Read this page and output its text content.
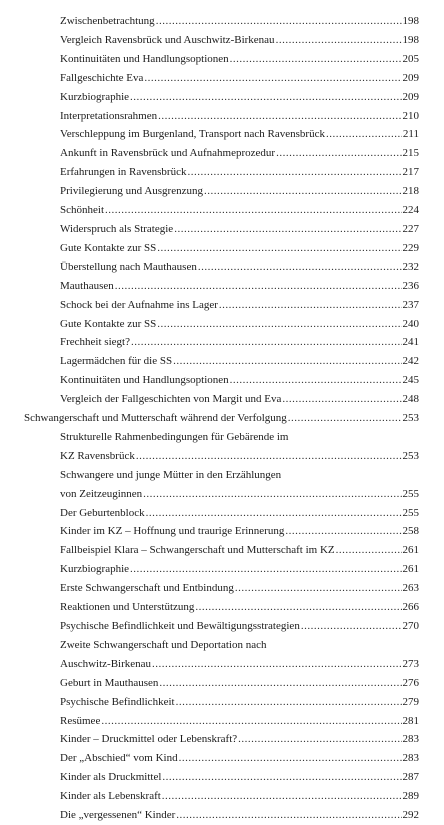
Zwischenbetrachtung .....	198
Vergleich Ravensbrück und Auschwitz-Birkenau .....	198
Kontinuitäten und Handlungsoptionen .....	205
Fallgeschichte Eva .....	209
Kurzbiographie .....	209
Interpretationsrahmen .....	210
Verschleppung im Burgenland, Transport nach Ravensbrück .....	211
Ankunft in Ravensbrück und Aufnahmeprozedur .....	215
Erfahrungen in Ravensbrück .....	217
Privilegierung und Ausgrenzung .....	218
Schönheit .....	224
Widerspruch als Strategie .....	227
Gute Kontakte zur SS .....	229
Überstellung nach Mauthausen .....	232
Mauthausen .....	236
Schock bei der Aufnahme ins Lager .....	237
Gute Kontakte zur SS .....	240
Frechheit siegt? .....	241
Lagermädchen für die SS .....	242
Kontinuitäten und Handlungsoptionen .....	245
Vergleich der Fallgeschichten von Margit und Eva .....	248
Schwangerschaft und Mutterschaft während der Verfolgung .....	253
Strukturelle Rahmenbedingungen für Gebärende im
KZ Ravensbrück .....	253
Schwangere und junge Mütter in den Erzählungen
von Zeitzeuginnen .....	255
Der Geburtenblock .....	255
Kinder im KZ – Hoffnung und traurige Erinnerung .....	258
Fallbeispiel Klara – Schwangerschaft und Mutterschaft im KZ .....	261
Kurzbiographie .....	261
Erste Schwangerschaft und Entbindung .....	263
Reaktionen und Unterstützung .....	266
Psychische Befindlichkeit und Bewältigungsstrategien .....	270
Zweite Schwangerschaft und Deportation nach
Auschwitz-Birkenau .....	273
Geburt in Mauthausen .....	276
Psychische Befindlichkeit .....	279
Resümee .....	281
Kinder – Druckmittel oder Lebenskraft? .....	283
Der „Abschied“ vom Kind .....	283
Kinder als Druckmittel .....	287
Kinder als Lebenskraft .....	289
Die „vergessenen“ Kinder .....	292
